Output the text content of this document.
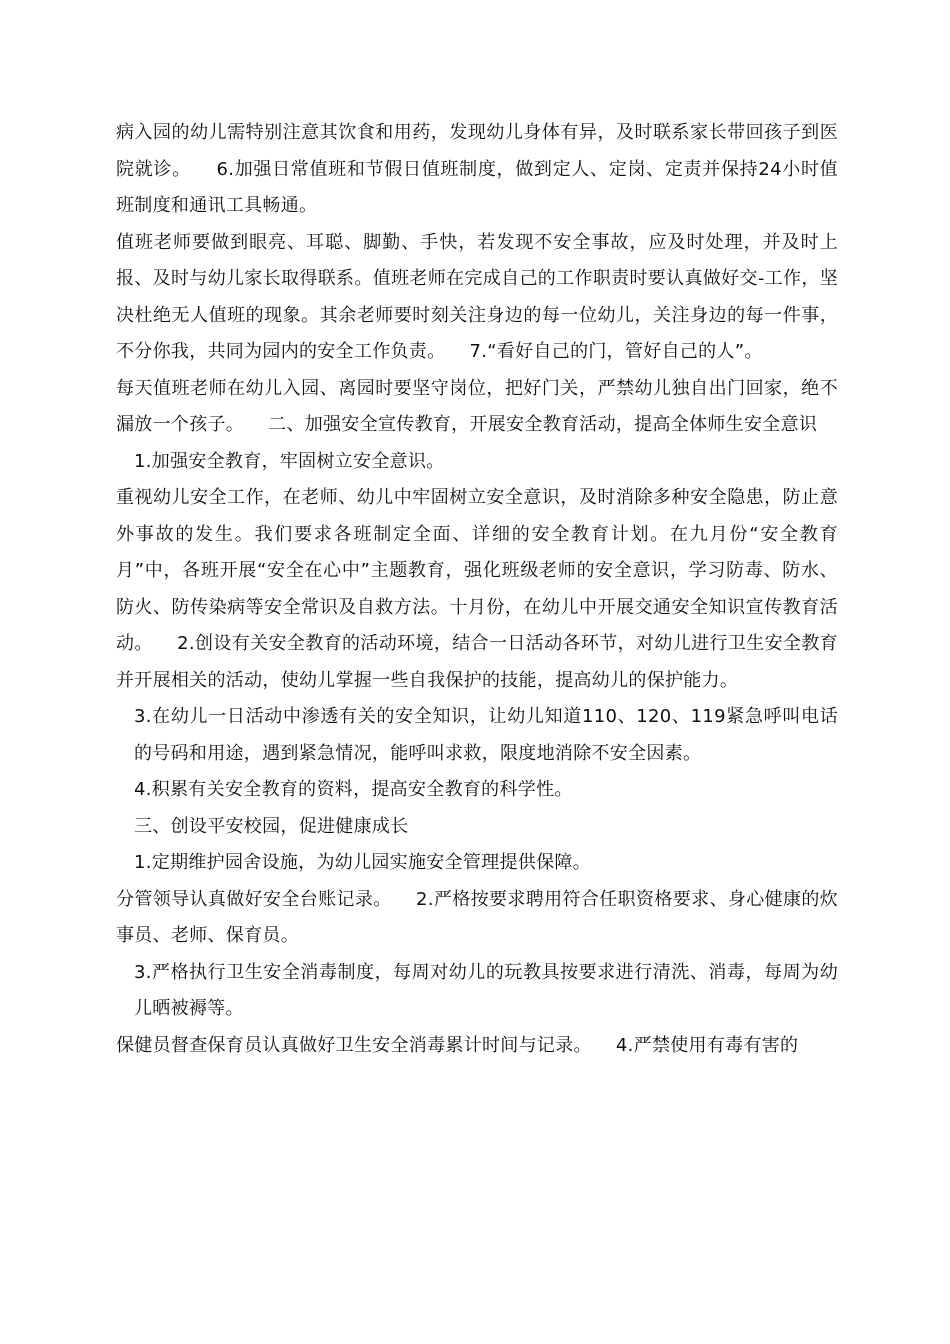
病入园的幼儿需特别注意其饮食和用药，发现幼儿身体有异，及时联系家长带回孩子到医院就诊。    6.加强日常值班和节假日值班制度，做到定人、定岗、定责并保持24小时值班制度和通讯工具畅通。

值班老师要做到眼亮、耳聪、脚勤、手快，若发现不安全事故，应及时处理，并及时上报、及时与幼儿家长取得联系。值班老师在完成自己的工作职责时要认真做好交-工作，坚决杜绝无人值班的现象。其余老师要时刻关注身边的每一位幼儿，关注身边的每一件事，不分你我，共同为园内的安全工作负责。    7.“看好自己的门，管好自己的人”。

每天值班老师在幼儿入园、离园时要坚守岗位，把好门关，严禁幼儿独自出门回家，绝不漏放一个孩子。    二、加强安全宣传教育，开展安全教育活动，提高全体师生安全意识

1.加强安全教育，牢固树立安全意识。

重视幼儿安全工作，在老师、幼儿中牢固树立安全意识，及时消除多种安全隐患，防止意外事故的发生。我们要求各班制定全面、详细的安全教育计划。在九月份“安全教育月”中，各班开展“安全在心中”主题教育，强化班级老师的安全意识，学习防毒、防水、防火、防传染病等安全常识及自救方法。十月份，在幼儿中开展交通安全知识宣传教育活动。    2.创设有关安全教育的活动环境，结合一日活动各环节，对幼儿进行卫生安全教育并开展相关的活动，使幼儿掌握一些自我保护的技能，提高幼儿的保护能力。

3.在幼儿一日活动中渗透有关的安全知识，让幼儿知道110、120、119紧急呼叫电话的号码和用途，遇到紧急情况，能呼叫求救，限度地消除不安全因素。

4.积累有关安全教育的资料，提高安全教育的科学性。

三、创设平安校园，促进健康成长

1.定期维护园舍设施，为幼儿园实施安全管理提供保障。

分管领导认真做好安全台账记录。    2.严格按要求聘用符合任职资格要求、身心健康的炊事员、老师、保育员。

3.严格执行卫生安全消毒制度，每周对幼儿的玩教具按要求进行清洗、消毒，每周为幼儿晒被褥等。

保健员督查保育员认真做好卫生安全消毒累计时间与记录。    4.严禁使用有毒有害的
